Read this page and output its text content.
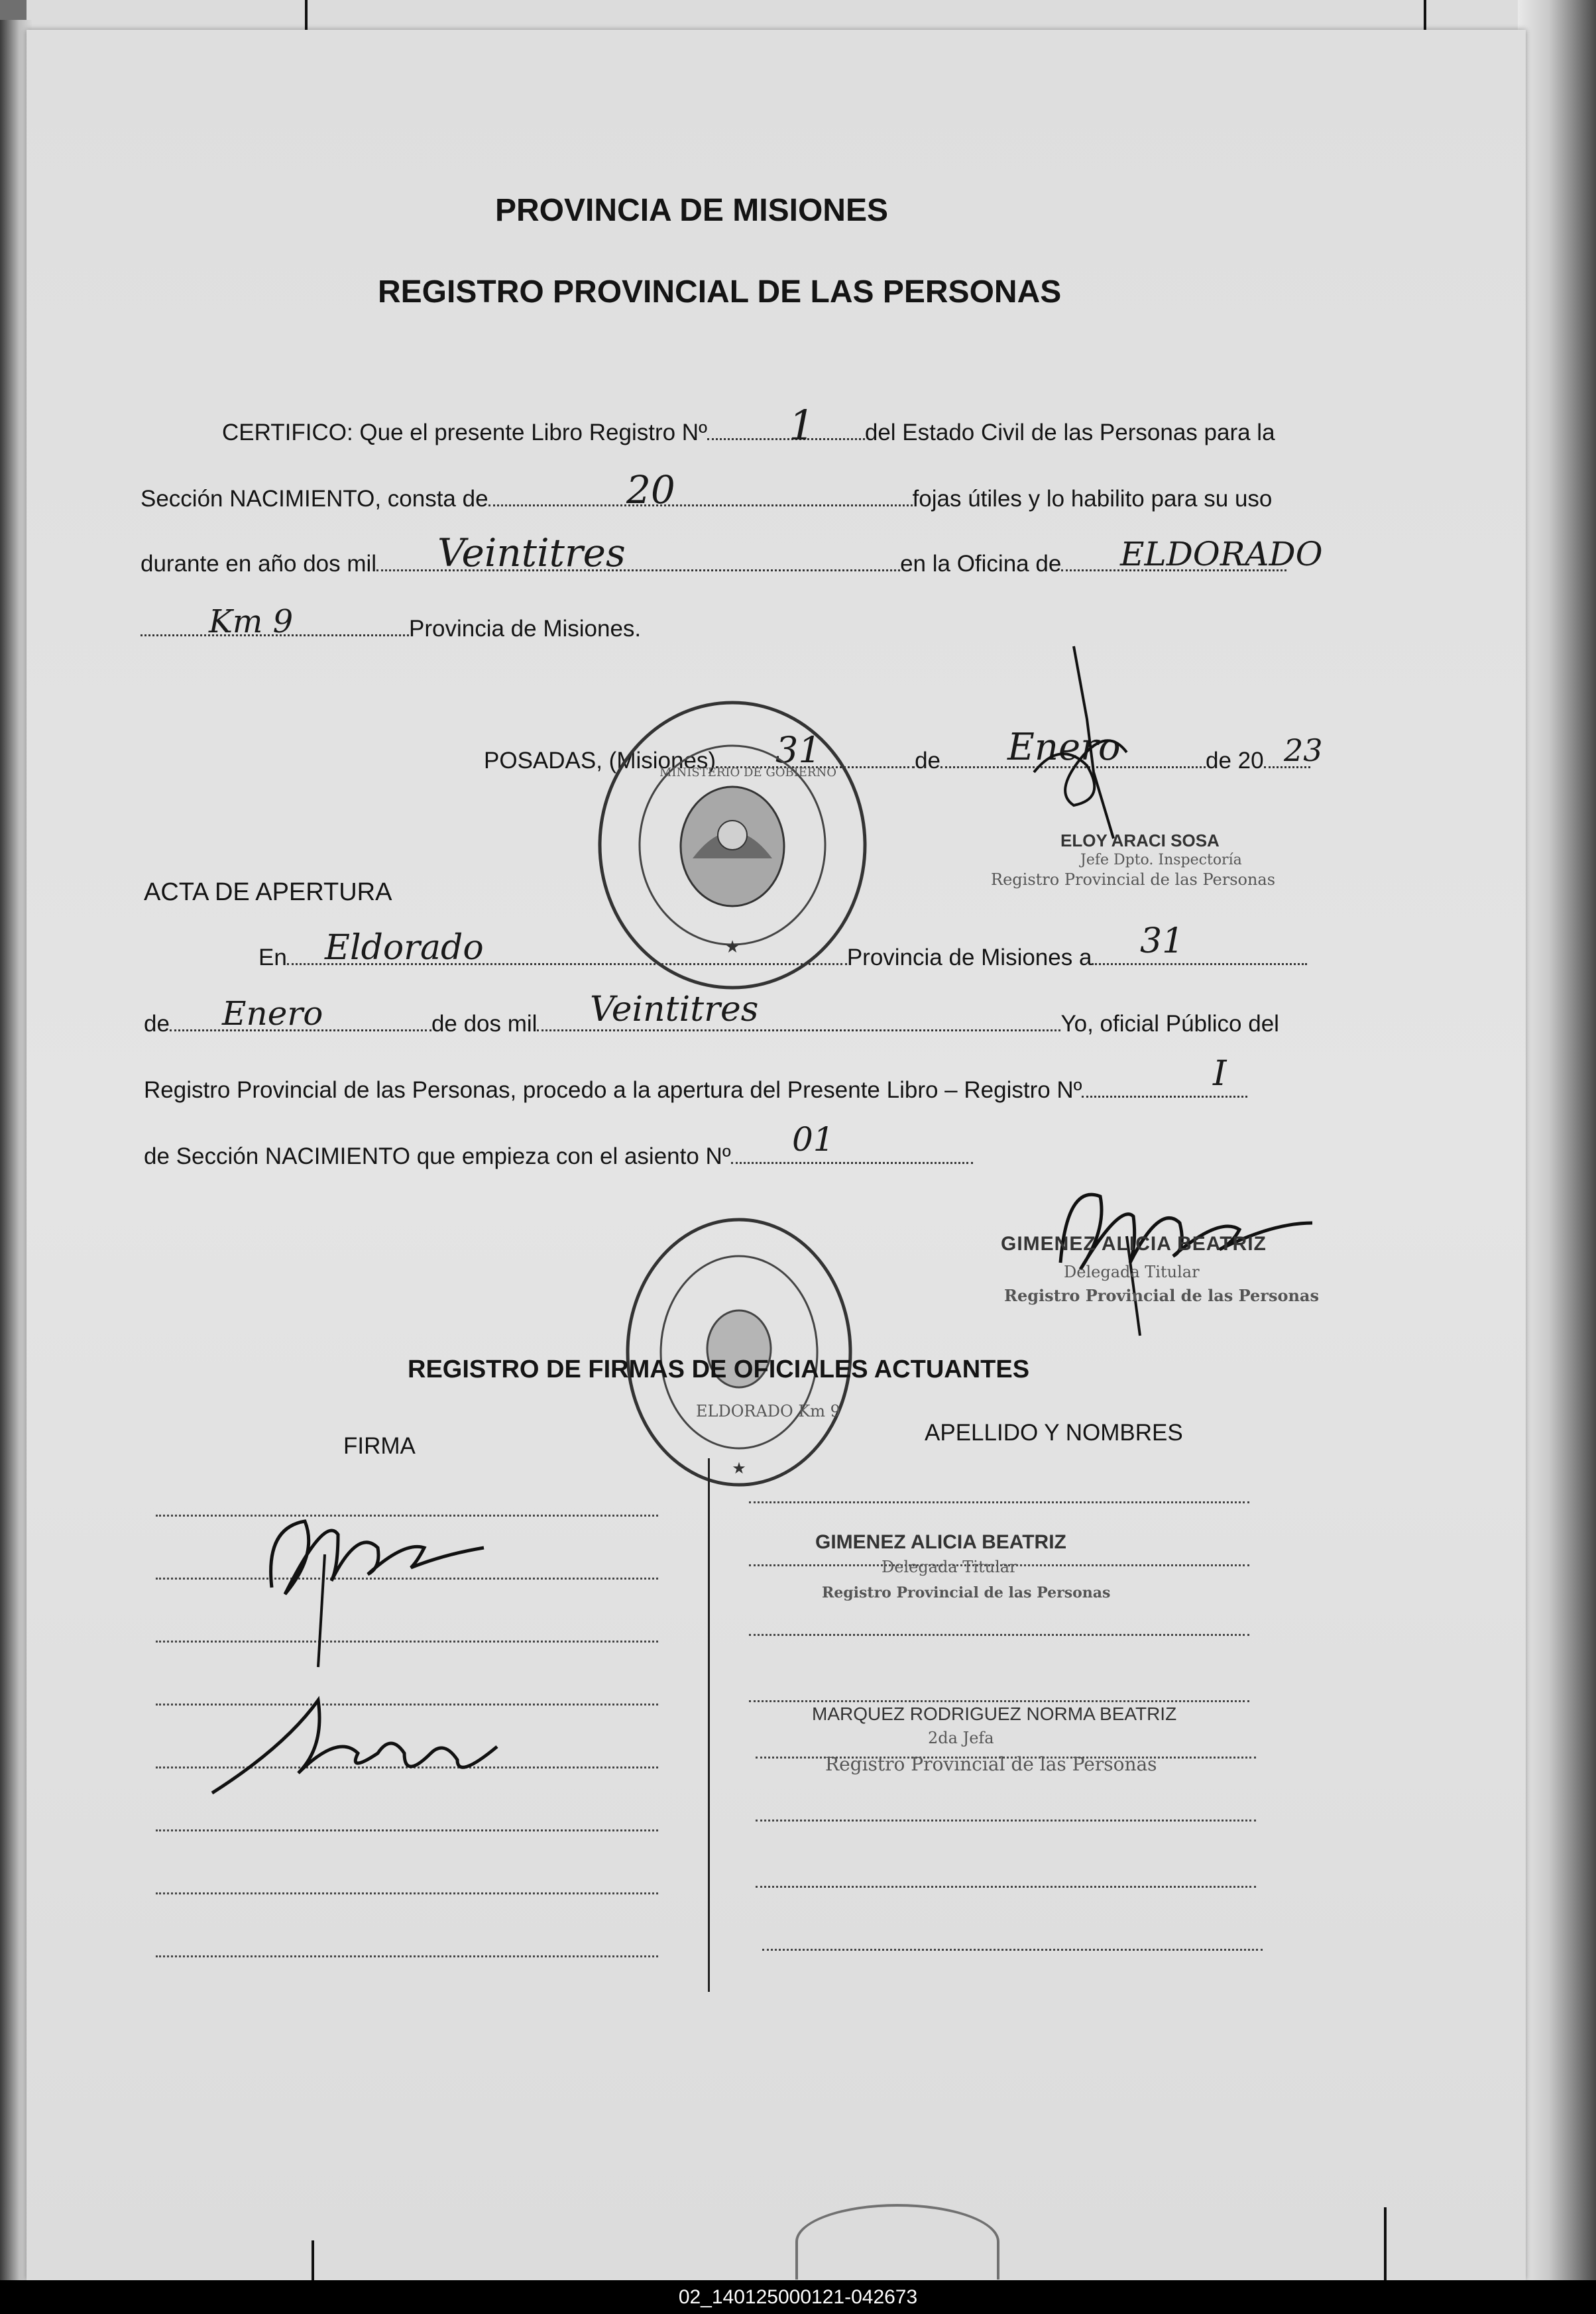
PROVINCIA DE MISIONES
REGISTRO PROVINCIAL DE LAS PERSONAS
CERTIFICO: Que el presente Libro Registro Nº	del Estado Civil de las Personas para la
1
Sección NACIMIENTO, consta de	fojas útiles y lo habilito para su uso
20
durante en año dos mil	en la Oficina de
Veintitres	ELDORADO
Provincia de Misiones.
Km 9
POSADAS, (Misiones)	de	de 20
31	Enero	23
★
MINISTERIO DE GOBIERNO
ELOY ARACI SOSA
Jefe Dpto. Inspectoría
Registro Provincial de las Personas
ACTA DE APERTURA
En	Provincia de Misiones a
Eldorado	31
de	de dos mil	Yo, oficial Público del
Enero	Veintitres
Registro Provincial de las Personas, procedo a la apertura del Presente Libro – Registro Nº	I
de Sección NACIMIENTO que empieza con el asiento Nº	01
GIMENEZ ALICIA BEATRIZ
Delegada Titular
Registro Provincial de las Personas
★
ELDORADO Km 9
REGISTRO DE FIRMAS DE OFICIALES ACTUANTES
FIRMA
APELLIDO Y NOMBRES
GIMENEZ ALICIA BEATRIZ
Delegada Titular
Registro Provincial de las Personas
MARQUEZ RODRIGUEZ NORMA BEATRIZ
2da Jefa
Registro Provincial de las Personas
02_140125000121-042673
